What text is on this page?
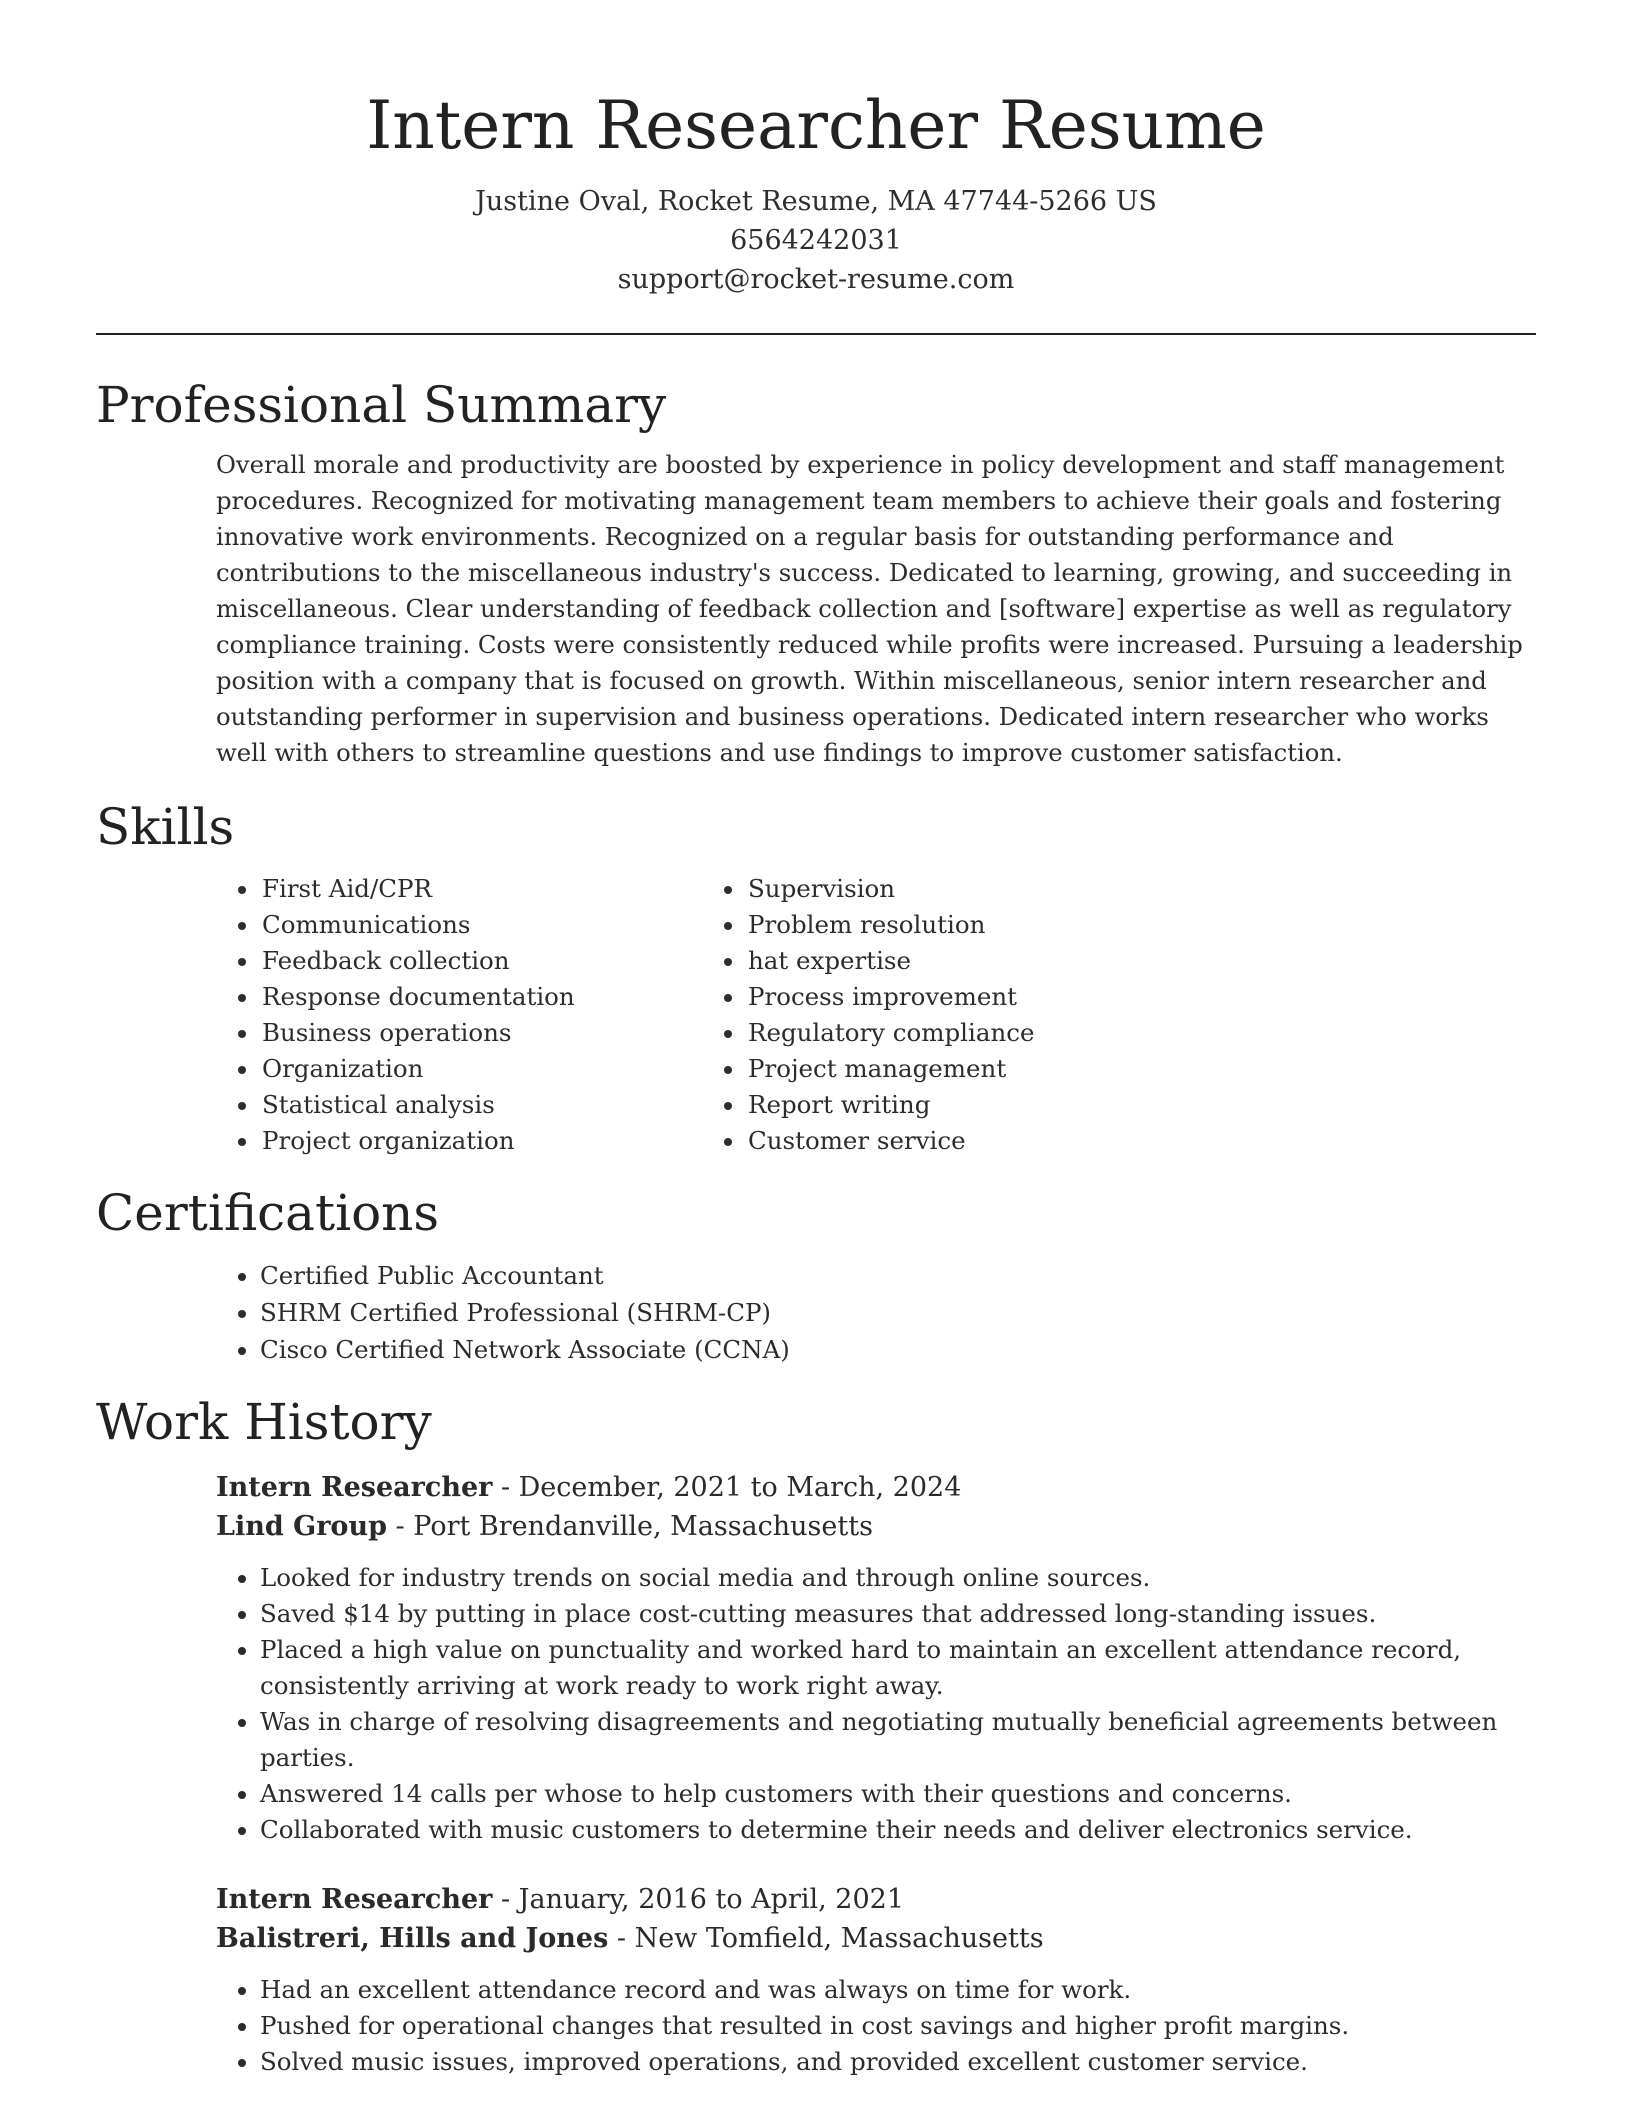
Intern Researcher Resume
Justine Oval, Rocket Resume, MA 47744-5266 US
6564242031
support@rocket-resume.com
Professional Summary

Overall morale and productivity are boosted by experience in policy development and staff management procedures. Recognized for motivating management team members to achieve their goals and fostering innovative work environments. Recognized on a regular basis for outstanding performance and contributions to the miscellaneous industry's success. Dedicated to learning, growing, and succeeding in miscellaneous. Clear understanding of feedback collection and [software] expertise as well as regulatory compliance training. Costs were consistently reduced while profits were increased. Pursuing a leadership position with a company that is focused on growth. Within miscellaneous, senior intern researcher and outstanding performer in supervision and business operations. Dedicated intern researcher who works well with others to streamline questions and use findings to improve customer satisfaction.

Skills
• First Aid/CPR
• Communications
• Feedback collection
• Response documentation
• Business operations
• Organization
• Statistical analysis
• Project organization
• Supervision
• Problem resolution
• hat expertise
• Process improvement
• Regulatory compliance
• Project management
• Report writing
• Customer service
Certifications
• Certified Public Accountant
• SHRM Certified Professional (SHRM-CP)
• Cisco Certified Network Associate (CCNA)
Work History
Intern Researcher - December, 2021 to March, 2024
Lind Group - Port Brendanville, Massachusetts
• Looked for industry trends on social media and through online sources.
• Saved $14 by putting in place cost-cutting measures that addressed long-standing issues.
• Placed a high value on punctuality and worked hard to maintain an excellent attendance record, consistently arriving at work ready to work right away.
• Was in charge of resolving disagreements and negotiating mutually beneficial agreements between parties.
• Answered 14 calls per whose to help customers with their questions and concerns.
• Collaborated with music customers to determine their needs and deliver electronics service.
Intern Researcher - January, 2016 to April, 2021
Balistreri, Hills and Jones - New Tomfield, Massachusetts
• Had an excellent attendance record and was always on time for work.
• Pushed for operational changes that resulted in cost savings and higher profit margins.
• Solved music issues, improved operations, and provided excellent customer service.
